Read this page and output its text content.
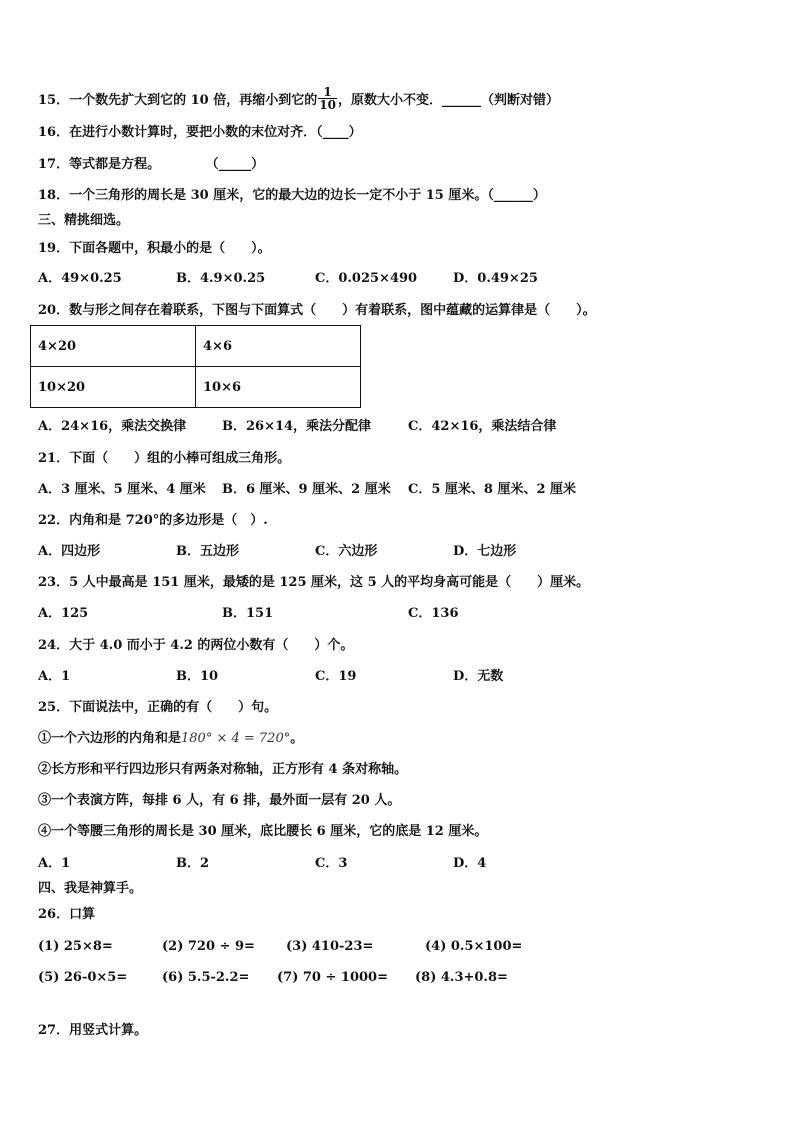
15．一个数先扩大到它的 10 倍，再缩小到它的 $\frac{1}{10}$ ，原数大小不变．______（判断对错）
16．在进行小数计算时，要把小数的末位对齐．（____）
17．等式都是方程。	（_____）
18．一个三角形的周长是 30 厘米，它的最大边的边长一定不小于 15 厘米。（______）
三、精挑细选。
19．下面各题中，积最小的是（　　）。
A．49×0.25	B．4.9×0.25	C．0.025×490	D．0.49×25
20．数与形之间存在着联系，下图与下面算式（　　）有着联系，图中蕴藏的运算律是（　　）。
4×20	4×6
10×20	10×6
A．24×16，乘法交换律	B．26×14，乘法分配律	C．42×16，乘法结合律
21．下面（　　）组的小棒可组成三角形。
A．3 厘米、5 厘米、4 厘米 B．6 厘米、9 厘米、2 厘米 C．5 厘米、8 厘米、2 厘米
22．内角和是 720°的多边形是（　）.
A．四边形	B．五边形	C．六边形	D．七边形
23．5 人中最高是 151 厘米，最矮的是 125 厘米，这 5 人的平均身高可能是（　　）厘米。
A．125	B．151	C．136
24．大于 4.0 而小于 4.2 的两位小数有（　　）个。
A．1	B．10	C．19	D．无数
25．下面说法中，正确的有（　　）句。
①一个六边形的内角和是180° × 4 = 720°。
②长方形和平行四边形只有两条对称轴，正方形有 4 条对称轴。
③一个表演方阵，每排 6 人，有 6 排，最外面一层有 20 人。
④一个等腰三角形的周长是 30 厘米，底比腰长 6 厘米，它的底是 12 厘米。
A．1	B．2	C．3	D．4
四、我是神算手。
26．口算
(1) 25×8=	(2) 720 ÷ 9= (3) 410-23=	(4) 0.5×100=
(5) 26-0×5=	(6) 5.5-2.2= (7) 70 ÷ 1000= (8) 4.3+0.8=
27．用竖式计算。
